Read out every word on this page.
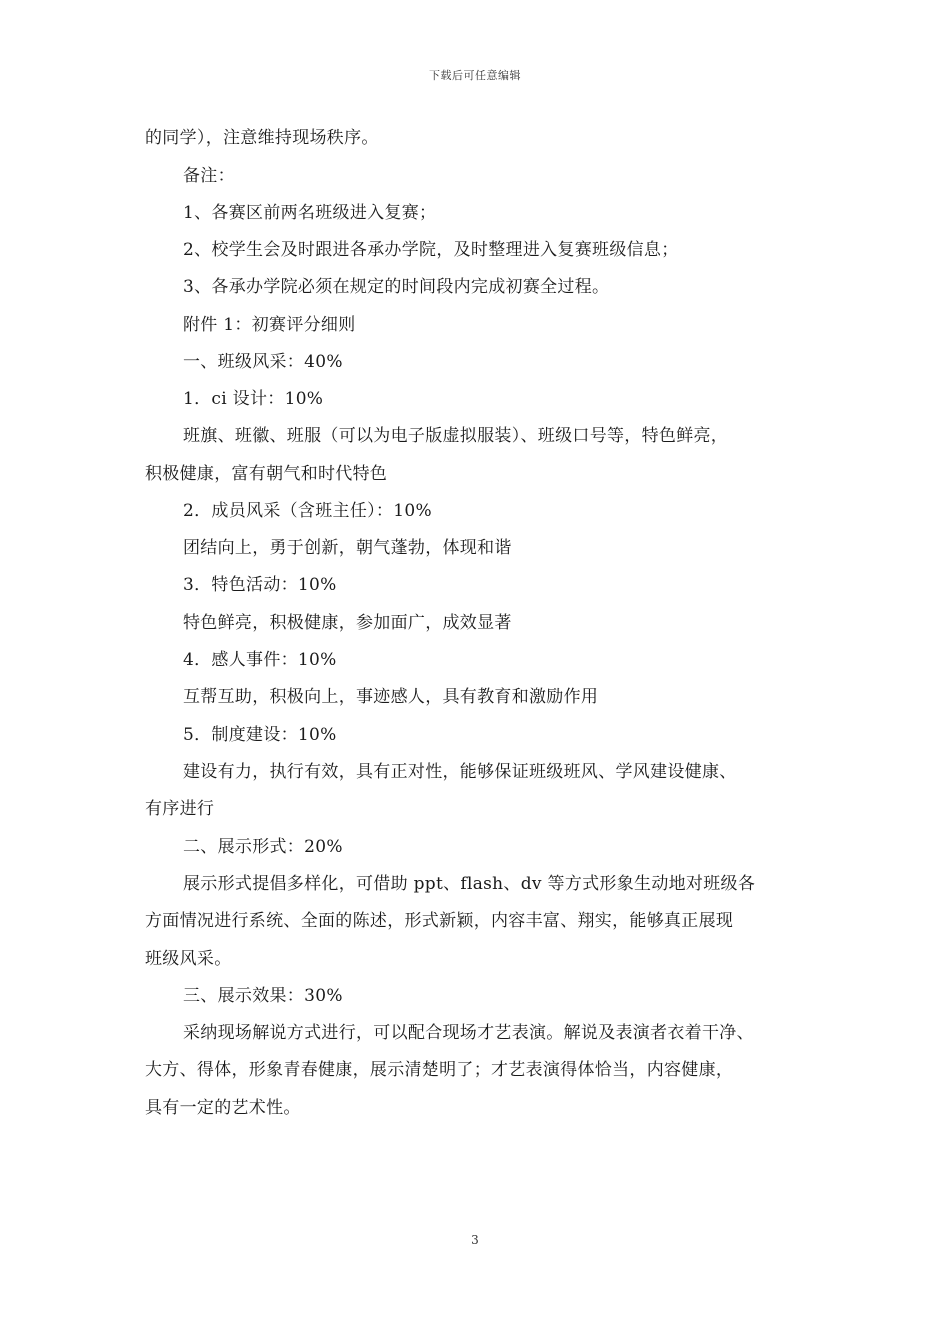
下载后可任意编辑
的同学），注意维持现场秩序。
备注：
1、各赛区前两名班级进入复赛；
2、校学生会及时跟进各承办学院，及时整理进入复赛班级信息；
3、各承办学院必须在规定的时间段内完成初赛全过程。
附件 1：初赛评分细则
一、班级风采：40%
1．ci 设计：10%
班旗、班徽、班服（可以为电子版虚拟服装）、班级口号等，特色鲜亮，
积极健康，富有朝气和时代特色
2．成员风采（含班主任）：10%
团结向上，勇于创新，朝气蓬勃，体现和谐
3．特色活动：10%
特色鲜亮，积极健康，参加面广，成效显著
4．感人事件：10%
互帮互助，积极向上，事迹感人，具有教育和激励作用
5．制度建设：10%
建设有力，执行有效，具有正对性，能够保证班级班风、学风建设健康、
有序进行
二、展示形式：20%
展示形式提倡多样化，可借助 ppt、flash、dv 等方式形象生动地对班级各
方面情况进行系统、全面的陈述，形式新颖，内容丰富、翔实，能够真正展现
班级风采。
三、展示效果：30%
采纳现场解说方式进行，可以配合现场才艺表演。解说及表演者衣着干净、
大方、得体，形象青春健康，展示清楚明了；才艺表演得体恰当，内容健康，
具有一定的艺术性。
3
